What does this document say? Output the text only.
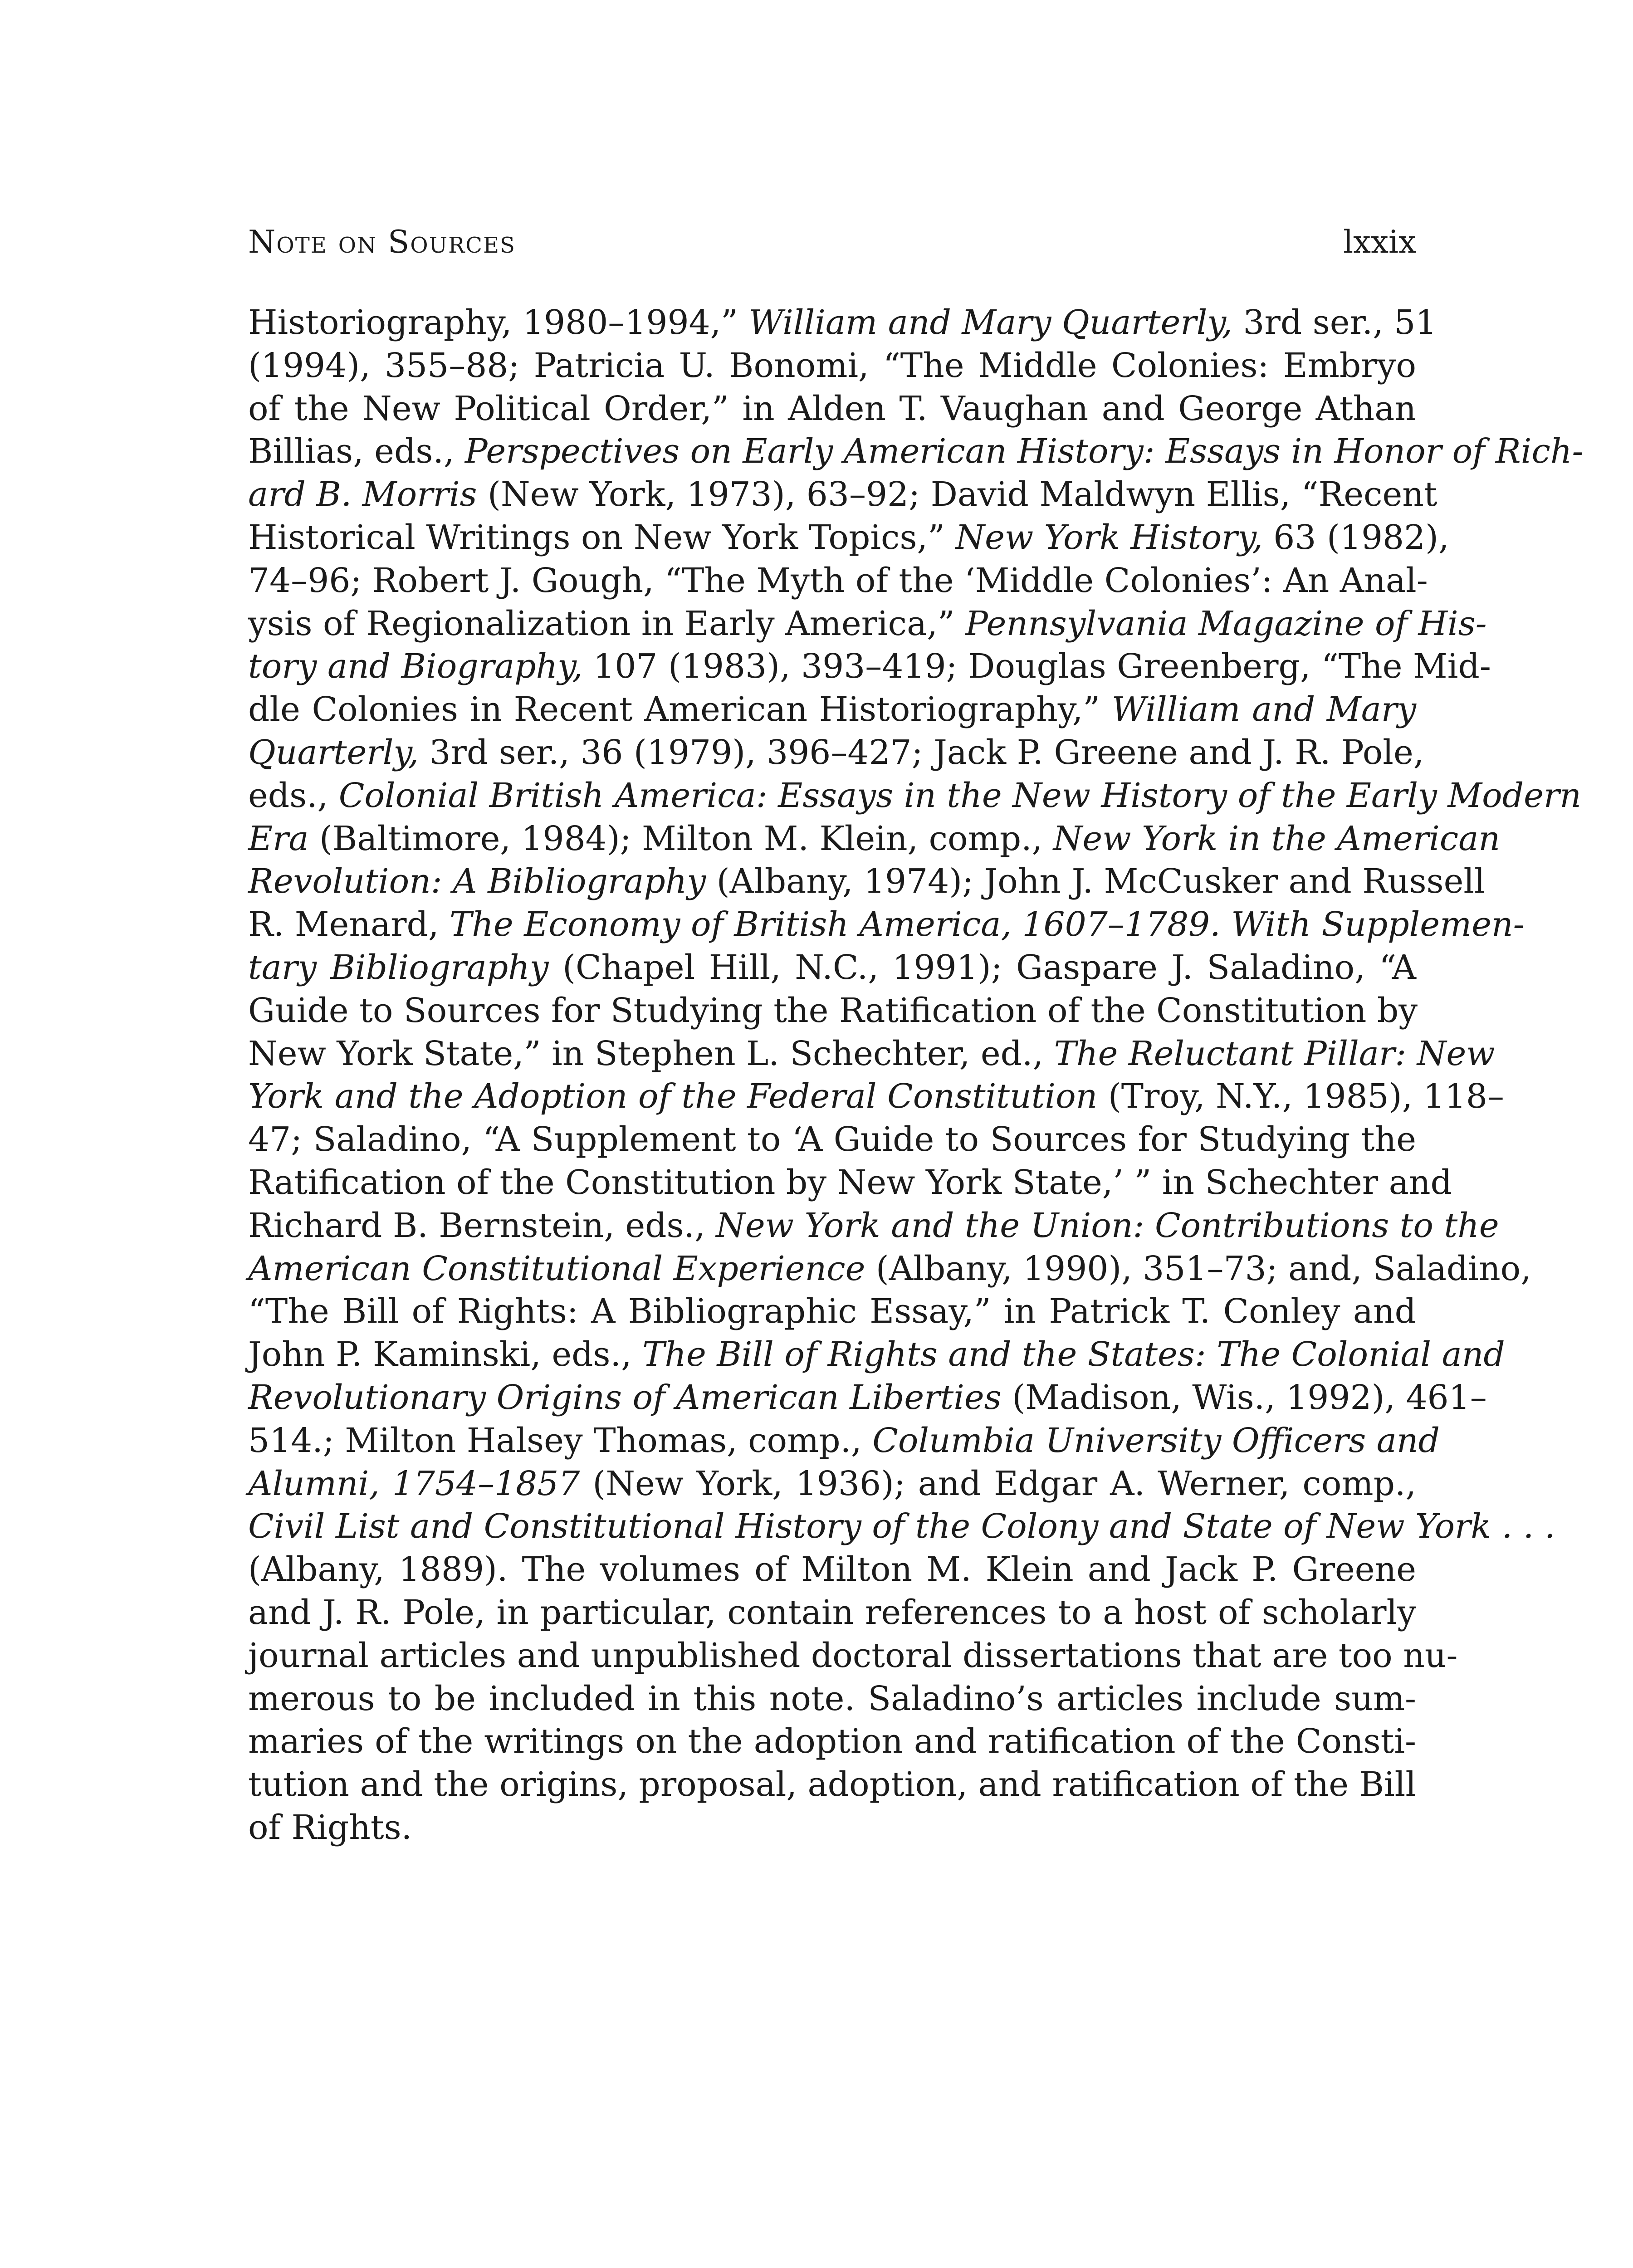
Note on Sources	lxxix
Historiography, 1980–1994,” William and Mary Quarterly, 3rd ser., 51
(1994), 355–88; Patricia U. Bonomi, “The Middle Colonies: Embryo
of the New Political Order,” in Alden T. Vaughan and George Athan
Billias, eds., Perspectives on Early American History: Essays in Honor of Rich-
ard B. Morris (New York, 1973), 63–92; David Maldwyn Ellis, “Recent
Historical Writings on New York Topics,” New York History, 63 (1982),
74–96; Robert J. Gough, “The Myth of the ‘Middle Colonies’: An Anal-
ysis of Regionalization in Early America,” Pennsylvania Magazine of His-
tory and Biography, 107 (1983), 393–419; Douglas Greenberg, “The Mid-
dle Colonies in Recent American Historiography,” William and Mary
Quarterly, 3rd ser., 36 (1979), 396–427; Jack P. Greene and J. R. Pole,
eds., Colonial British America: Essays in the New History of the Early Modern
Era (Baltimore, 1984); Milton M. Klein, comp., New York in the American
Revolution: A Bibliography (Albany, 1974); John J. McCusker and Russell
R. Menard, The Economy of British America, 1607–1789. With Supplemen-
tary Bibliography (Chapel Hill, N.C., 1991); Gaspare J. Saladino, “A
Guide to Sources for Studying the Ratification of the Constitution by
New York State,” in Stephen L. Schechter, ed., The Reluctant Pillar: New
York and the Adoption of the Federal Constitution (Troy, N.Y., 1985), 118–
47; Saladino, “A Supplement to ‘A Guide to Sources for Studying the
Ratification of the Constitution by New York State,’ ” in Schechter and
Richard B. Bernstein, eds., New York and the Union: Contributions to the
American Constitutional Experience (Albany, 1990), 351–73; and, Saladino,
“The Bill of Rights: A Bibliographic Essay,” in Patrick T. Conley and
John P. Kaminski, eds., The Bill of Rights and the States: The Colonial and
Revolutionary Origins of American Liberties (Madison, Wis., 1992), 461–
514.; Milton Halsey Thomas, comp., Columbia University Officers and
Alumni, 1754–1857 (New York, 1936); and Edgar A. Werner, comp.,
Civil List and Constitutional History of the Colony and State of New York . . .
(Albany, 1889). The volumes of Milton M. Klein and Jack P. Greene
and J. R. Pole, in particular, contain references to a host of scholarly
journal articles and unpublished doctoral dissertations that are too nu-
merous to be included in this note. Saladino’s articles include sum-
maries of the writings on the adoption and ratification of the Consti-
tution and the origins, proposal, adoption, and ratification of the Bill
of Rights.
